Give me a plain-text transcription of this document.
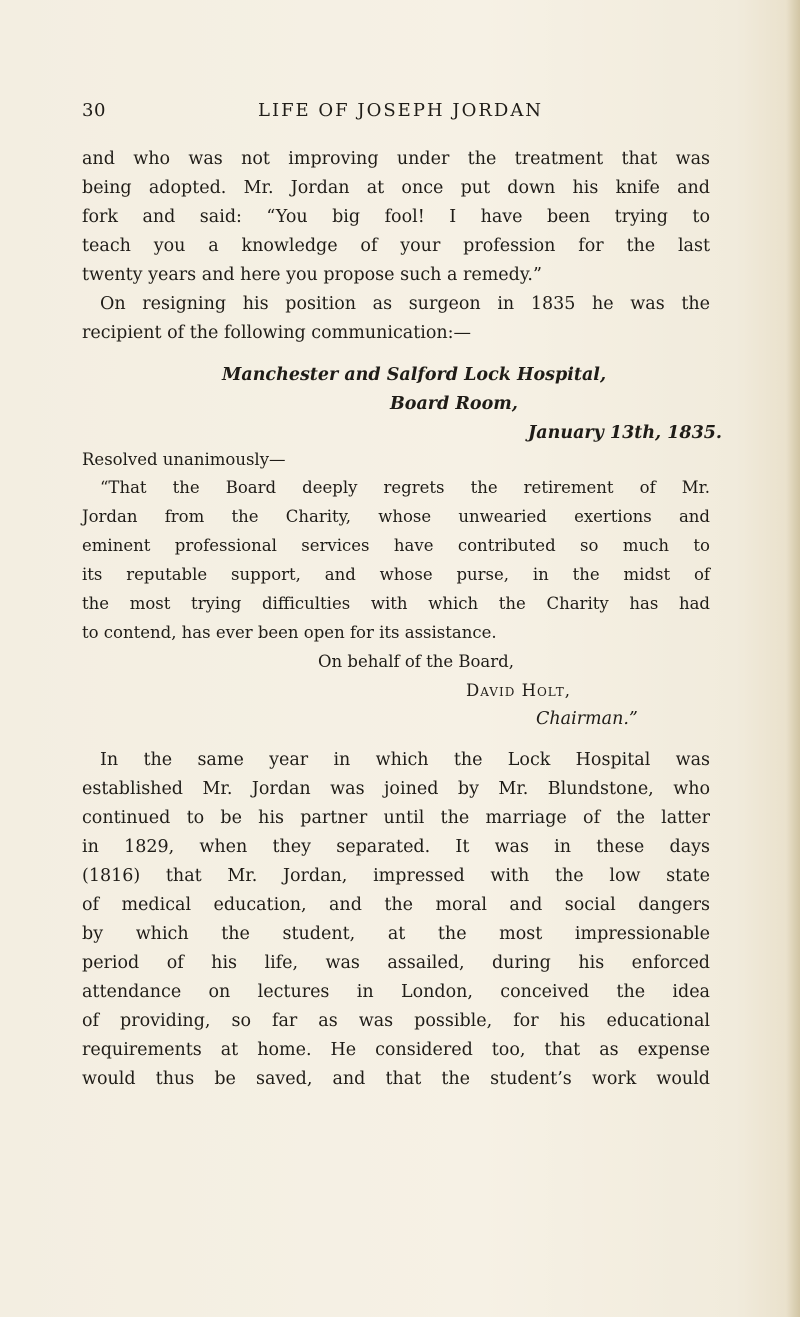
30	LIFE OF JOSEPH JORDAN
and who was not improving under the treatment that was
being adopted. Mr. Jordan at once put down his knife and
fork and said: “You big fool! I have been trying to
teach you a knowledge of your profession for the last
twenty years and here you propose such a remedy.”
On resigning his position as surgeon in 1835 he was the
recipient of the following communication:—
Manchester and Salford Lock Hospital,
Board Room,
January 13th, 1835.
Resolved unanimously—
“That the Board deeply regrets the retirement of Mr.
Jordan from the Charity, whose unwearied exertions and
eminent professional services have contributed so much to
its reputable support, and whose purse, in the midst of
the most trying difficulties with which the Charity has had
to contend, has ever been open for its assistance.
On behalf of the Board,
David Holt,
Chairman.”
In the same year in which the Lock Hospital was
established Mr. Jordan was joined by Mr. Blundstone, who
continued to be his partner until the marriage of the latter
in 1829, when they separated. It was in these days
(1816) that Mr. Jordan, impressed with the low state
of medical education, and the moral and social dangers
by which the student, at the most impressionable
period of his life, was assailed, during his enforced
attendance on lectures in London, conceived the idea
of providing, so far as was possible, for his educational
requirements at home. He considered too, that as expense
would thus be saved, and that the student’s work would
